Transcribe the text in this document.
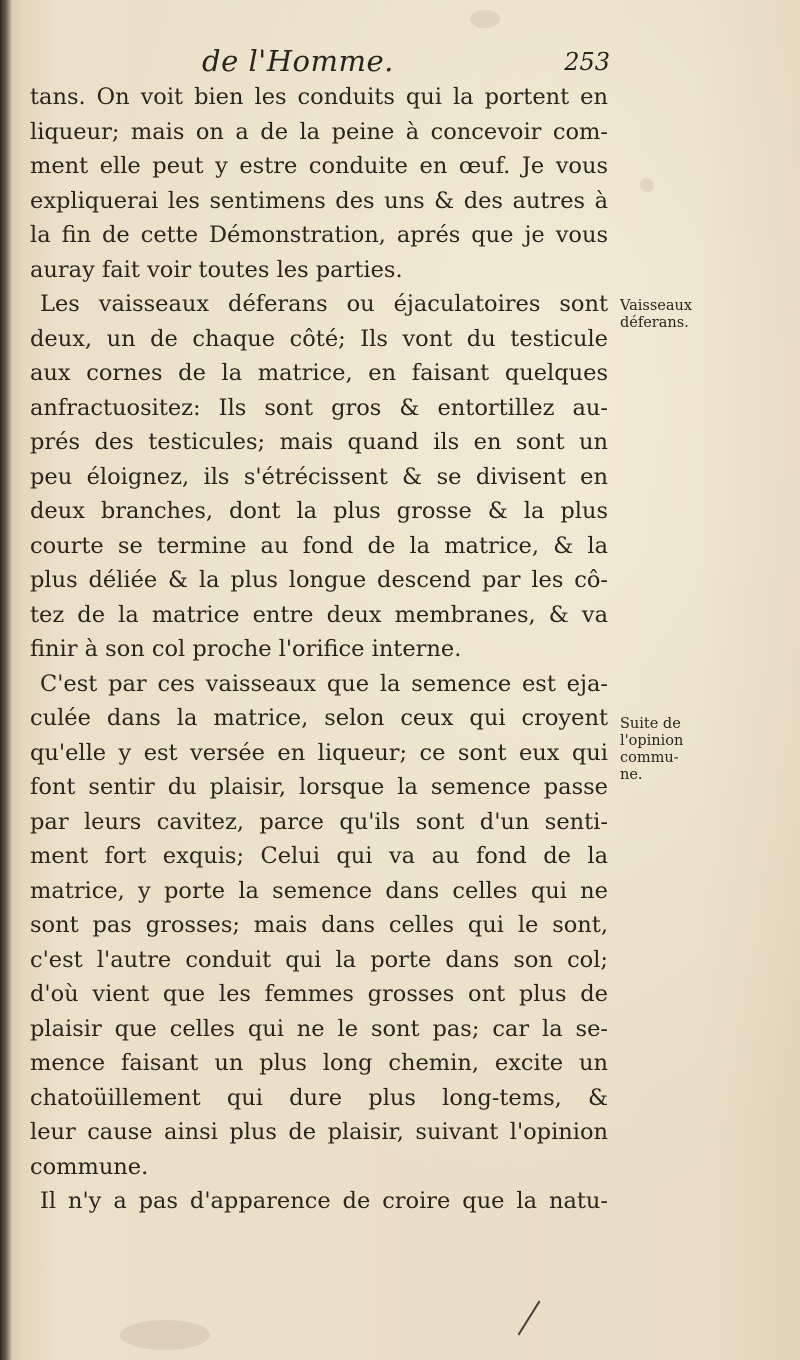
de l'Homme.	253
tans. On voit bien les conduits qui la portent en
liqueur; mais on a de la peine à concevoir com-
ment elle peut y estre conduite en œuf. Je vous
expliquerai les sentimens des uns & des autres à
la fin de cette Démonstration, aprés que je vous
auray fait voir toutes les parties.
Les vaisseaux déferans ou éjaculatoires sont
deux, un de chaque côté; Ils vont du testicule
aux cornes de la matrice, en faisant quelques
anfractuositez: Ils sont gros & entortillez au-
prés des testicules; mais quand ils en sont un
peu éloignez, ils s'étrécissent & se divisent en
deux branches, dont la plus grosse & la plus
courte se termine au fond de la matrice, & la
plus déliée & la plus longue descend par les cô-
tez de la matrice entre deux membranes, & va
finir à son col proche l'orifice interne.
C'est par ces vaisseaux que la semence est eja-
culée dans la matrice, selon ceux qui croyent
qu'elle y est versée en liqueur; ce sont eux qui
font sentir du plaisir, lorsque la semence passe
par leurs cavitez, parce qu'ils sont d'un senti-
ment fort exquis; Celui qui va au fond de la
matrice, y porte la semence dans celles qui ne
sont pas grosses; mais dans celles qui le sont,
c'est l'autre conduit qui la porte dans son col;
d'où vient que les femmes grosses ont plus de
plaisir que celles qui ne le sont pas; car la se-
mence faisant un plus long chemin, excite un
chatoüillement qui dure plus long-tems, &
leur cause ainsi plus de plaisir, suivant l'opinion
commune.
Il n'y a pas d'apparence de croire que la natu-
Vaisseaux
déferans.
Suite de
l'opinion
commu-
ne.
